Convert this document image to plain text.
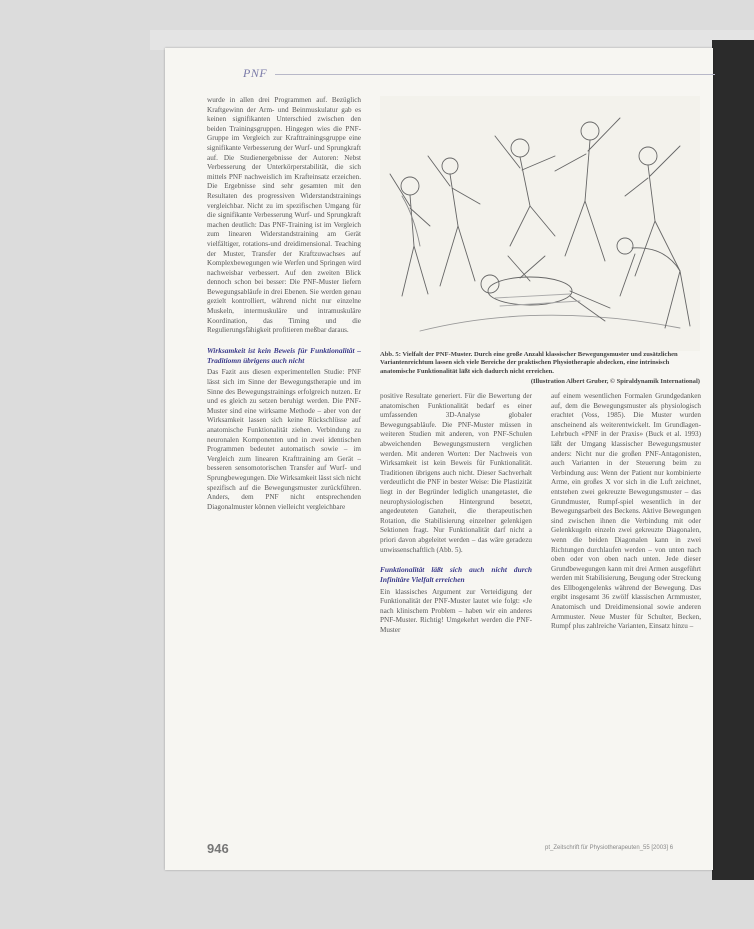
PNF

wurde in allen drei Programmen auf. Bezüglich Kraftgewinn der Arm- und Beinmuskulatur gab es keinen signifikanten Unterschied zwischen den beiden Trainingsgruppen. Hingegen wies die PNF-Gruppe im Vergleich zur Krafttrainingsgruppe eine signifikante Verbesserung der Wurf- und Sprungkraft auf. Die Studienergebnisse der Autoren: Nebst Verbesserung der Unterkörperstabilität, die sich mittels PNF nachweislich im Krafteinsatz erzeichen. Die Ergebnisse sind sehr gesamten mit den Resultaten des progressiven Widerstandstrainings vergleichbar. Nicht zu im spezifischen Umgang für die signifikante Verbesserung Wurf- und Sprungkraft machen deutlich: Das PNF-Training ist im Vergleich zum linearen Widerstandstraining am Gerät vielfältiger, rotations-und dreidimensional. Teaching der Muster, Transfer der Kraftzuwachses auf Komplexbewegungen wie Werfen und Springen wird nachweisbar verbessert. Auf den zweiten Blick dennoch schon bei besser: Die PNF-Muster liefern Bewegungsabläufe in drei Ebenen. Sie werden genau gezielt kontrolliert, während nicht nur einzelne Muskeln, intermuskuläre und intramuskuläre Koordination, das Timing und die Regulierungsfähigkeit profitieren meßbar daraus.

Wirksamkeit ist kein Beweis für Funktionalität – Traditiomn übrigens auch nicht

Das Fazit aus diesen experimentellen Studie: PNF lässt sich im Sinne der Bewegungstherapie und im Sinne des Bewegungstrainings erfolgreich nutzen. Er und es gleich zu setzen beruhigt werden. Die PNF-Muster sind eine wirksame Methode – aber von der Wirksamkeit lassen sich keine Rückschlüsse auf anatomische Funktionalität ziehen. Verbindung zu neuronalen Komponenten und in zwei identischen Programmen bedeutet automatisch sowie – im Vergleich zum linearen Krafttraining am Gerät – besseren sensomotorischen Transfer auf Wurf- und Sprungbewegungen. Die Wirksamkeit lässt sich nicht spezifisch auf die Bewegungsmuster zurückführen. Anders, dem PNF nicht entsprechenden Diagonalmuster können vielleicht vergleichbare

Abb. 5: Vielfalt der PNF-Muster. Durch eine große Anzahl klassischer Bewegungsmuster und zusätzlichen Variantenreichtum lassen sich viele Bereiche der praktischen Physiotherapie abdecken, eine intrinsisch anatomische Funktionalität läßt sich dadurch nicht erreichen.
(Illustration Albert Gruber, © Spiraldynamik International)

positive Resultate generiert. Für die Bewertung der anatomischen Funktionalität bedarf es einer umfassenden 3D-Analyse globaler Bewegungsabläufe. Die PNF-Muster müssen in weiteren Studien mit anderen, von PNF-Schulen abweichenden Bewegungsmustern verglichen werden. Mit anderen Worten: Der Nachweis von Wirksamkeit ist kein Beweis für Funktionalität. Traditionen übrigens auch nicht. Dieser Sachverhalt verdeutlicht die PNF in bester Weise: Die Plastizität liegt in der Begründer lediglich unangetastet, die neurophysiologischen Hintergrund besetzt, angedeuteten Ganzheit, die therapeutischen Rotation, die Stabilisierung einzelner gelenkigen Sektionen fragt. Nur Funktionalität darf nicht a priori davon abgeleitet werden – das wäre geradezu unwissenschaftlich (Abb. 5).

Funktionalität läßt sich auch nicht durch Infinitäre Vielfalt erreichen

Ein klassisches Argument zur Verteidigung der Funktionalität der PNF-Muster lautet wie folgt: «Je nach klinischem Problem – haben wir ein anderes PNF-Muster. Richtig! Umgekehrt werden die PNF-Muster

auf einem wesentlichen Formalen Grundgedanken auf, dem die Bewegungsmuster als physiologisch erachtet (Voss, 1985). Die Muster wurden anscheinend als weiterentwickelt. Im Grundlagen-Lehrbuch «PNF in der Praxis» (Buck et al. 1993) läßt der Umgang klassischer Bewegungsmuster anders: Nicht nur die großen PNF-Antagonisten, auch Varianten in der Steuerung beim zu Verbindung aus: Wenn der Patient nur kombinierte Arme, ein großes X vor sich in die Luft zeichnet, entstehen zwei gekreuzte Bewegungsmuster – das Grundmuster, Rumpf-spiel wesentlich in der Bewegungsarbeit des Beckens. Aktive Bewegungen sind zwischen ihnen die Verbindung mit oder Gelenkkugeln einzeln zwei gekreuzte Diagonalen, wenn die beiden Diagonalen kann in zwei Richtungen durchlaufen werden – von unten nach oben oder von oben nach unten. Jede dieser Grundbewegungen kann mit drei Armen ausgeführt werden mit Stabilisierung, Beugung oder Streckung des Ellbogengelenks während der Bewegung. Das ergibt insgesamt 36 zwölf klassischen Armmuster, Anatomisch und Dreidimensional sowie anderen Armmuster. Neue Muster für Schulter, Becken, Rumpf plus zahlreiche Varianten, Einsatz hinzu –

946	pt_Zeitschrift für Physiotherapeuten_55 [2003] 6
